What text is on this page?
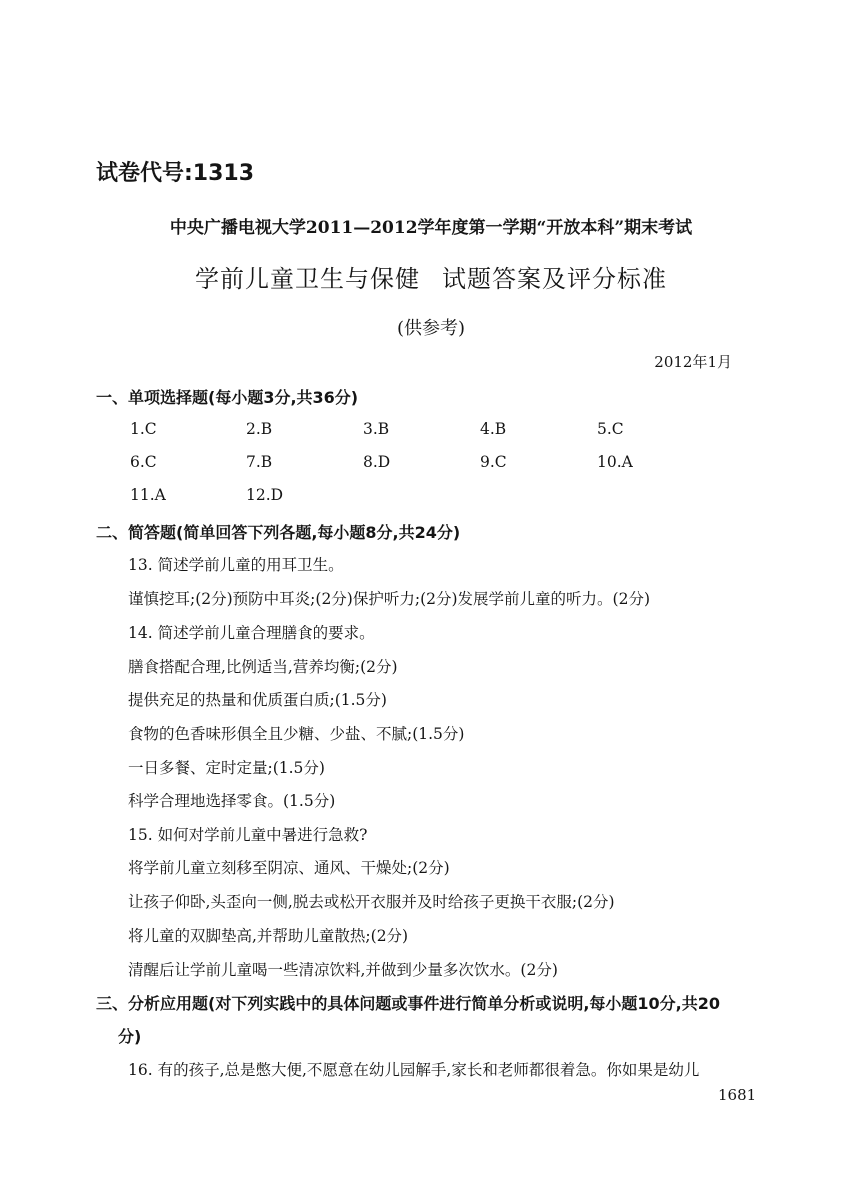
试卷代号:1313
中央广播电视大学2011—2012学年度第一学期“开放本科”期末考试
学前儿童卫生与保健 试题答案及评分标准
(供参考)
2012年1月
一、单项选择题(每小题3分,共36分)
1.C	2.B	3.B	4.B	5.C
6.C	7.B	8.D	9.C	10.A
11.A	12.D
二、简答题(简单回答下列各题,每小题8分,共24分)
13. 简述学前儿童的用耳卫生。
谨慎挖耳;(2分)预防中耳炎;(2分)保护听力;(2分)发展学前儿童的听力。(2分)
14. 简述学前儿童合理膳食的要求。
膳食搭配合理,比例适当,营养均衡;(2分)
提供充足的热量和优质蛋白质;(1.5分)
食物的色香味形俱全且少糖、少盐、不腻;(1.5分)
一日多餐、定时定量;(1.5分)
科学合理地选择零食。(1.5分)
15. 如何对学前儿童中暑进行急救?
将学前儿童立刻移至阴凉、通风、干燥处;(2分)
让孩子仰卧,头歪向一侧,脱去或松开衣服并及时给孩子更换干衣服;(2分)
将儿童的双脚垫高,并帮助儿童散热;(2分)
清醒后让学前儿童喝一些清凉饮料,并做到少量多次饮水。(2分)
三、分析应用题(对下列实践中的具体问题或事件进行简单分析或说明,每小题10分,共20
分)
16. 有的孩子,总是憋大便,不愿意在幼儿园解手,家长和老师都很着急。你如果是幼儿
1681
